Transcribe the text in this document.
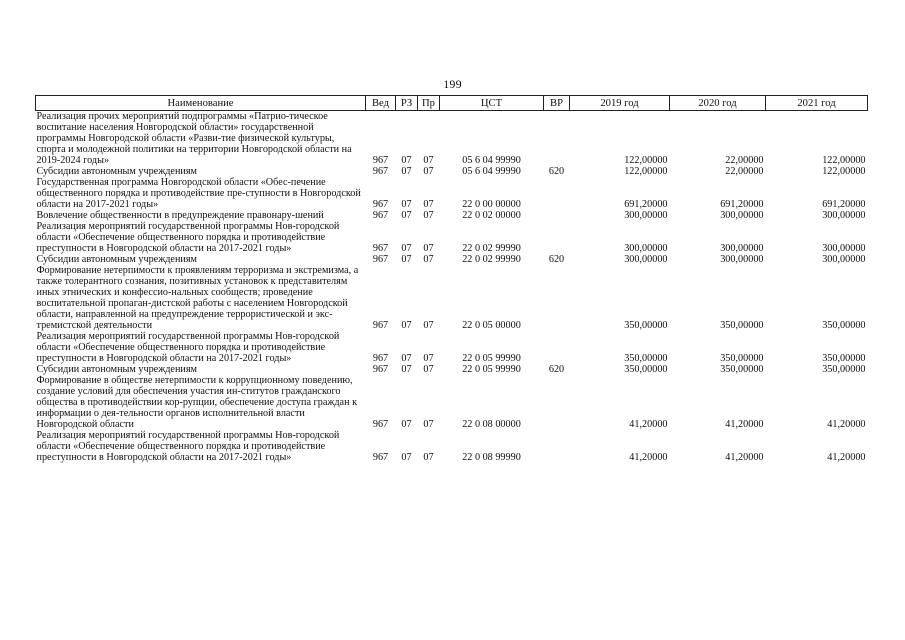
199
Наименование	Вед	РЗ	Пр	ЦСТ	ВР	2019 год	2020 год	2021 год
Реализация прочих мероприятий подпрограммы «Патрио-тическое воспитание населения Новгородской области» государственной программы Новгородской области «Разви-тие физической культуры, спорта и молодежной политики на территории Новгородской области на 2019-2024 годы»	967	07	07	05 6 04 99990		122,00000	22,00000	122,00000
Субсидии автономным учреждениям	967	07	07	05 6 04 99990	620	122,00000	22,00000	122,00000
Государственная программа Новгородской области «Обес-печение общественного порядка и противодействие пре-ступности в Новгородской области на 2017-2021 годы»	967	07	07	22 0 00 00000		691,20000	691,20000	691,20000
Вовлечение общественности в предупреждение правонару-шений	967	07	07	22 0 02 00000		300,00000	300,00000	300,00000
Реализация мероприятий государственной программы Нов-городской области «Обеспечение общественного порядка и противодействие преступности в Новгородской области на 2017-2021 годы»	967	07	07	22 0 02 99990		300,00000	300,00000	300,00000
Субсидии автономным учреждениям	967	07	07	22 0 02 99990	620	300,00000	300,00000	300,00000
Формирование нетерпимости к проявлениям терроризма и экстремизма, а также толерантного сознания, позитивных установок к представителям иных этнических и конфессио-нальных сообществ; проведение воспитательной пропаган-дистской работы с населением Новгородской области, направленной на предупреждение террористической и экс-тремистской деятельности	967	07	07	22 0 05 00000		350,00000	350,00000	350,00000
Реализация мероприятий государственной программы Нов-городской области «Обеспечение общественного порядка и противодействие преступности в Новгородской области на 2017-2021 годы»	967	07	07	22 0 05 99990		350,00000	350,00000	350,00000
Субсидии автономным учреждениям	967	07	07	22 0 05 99990	620	350,00000	350,00000	350,00000
Формирование в обществе нетерпимости к коррупционному поведению, создание условий для обеспечения участия ин-ститутов гражданского общества в противодействии кор-рупции, обеспечение доступа граждан к информации о дея-тельности органов исполнительной власти Новгородской области	967	07	07	22 0 08 00000		41,20000	41,20000	41,20000
Реализация мероприятий государственной программы Нов-городской области «Обеспечение общественного порядка и противодействие преступности в Новгородской области на 2017-2021 годы»	967	07	07	22 0 08 99990		41,20000	41,20000	41,20000
